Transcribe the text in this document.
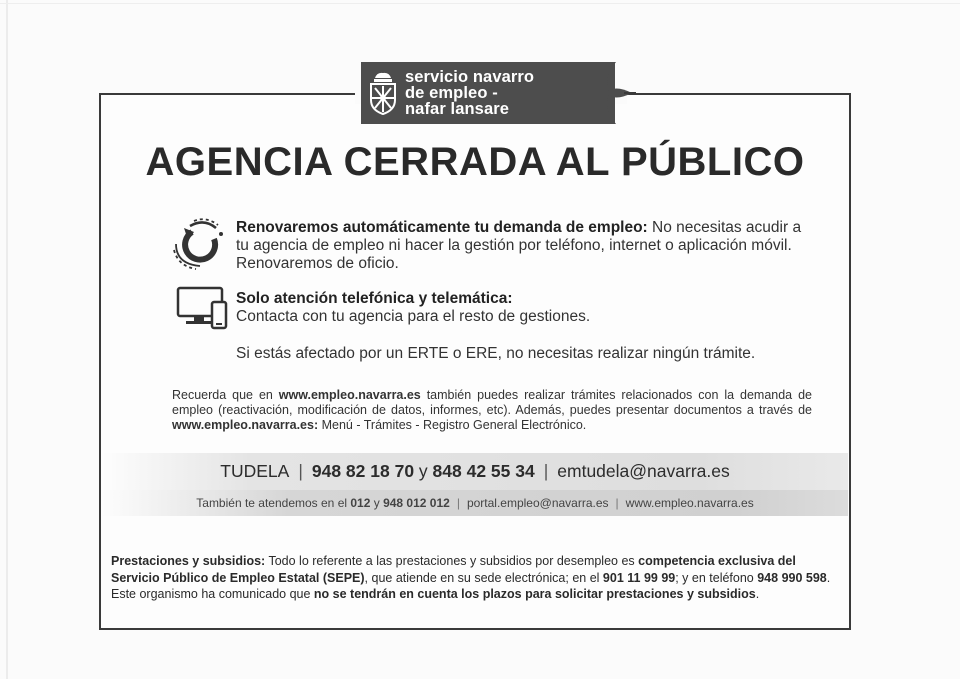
servicio navarro
de empleo -
nafar lansare
AGENCIA CERRADA AL PÚBLICO
Renovaremos automáticamente tu demanda de empleo: No necesitas acudir a
tu agencia de empleo ni hacer la gestión por teléfono, internet o aplicación móvil.
Renovaremos de oficio.
Solo atención telefónica y telemática:
Contacta con tu agencia para el resto de gestiones.
Si estás afectado por un ERTE o ERE, no necesitas realizar ningún trámite.
Recuerda que en www.empleo.navarra.es también puedes realizar trámites relacionados con la demanda de empleo (reactivación, modificación de datos, informes, etc). Además, puedes presentar documentos a través de www.empleo.navarra.es: Menú - Trámites - Registro General Electrónico.
TUDELA | 948 82 18 70 y 848 42 55 34 | emtudela@navarra.es
También te atendemos en el 012 y 948 012 012 | portal.empleo@navarra.es | www.empleo.navarra.es
Prestaciones y subsidios: Todo lo referente a las prestaciones y subsidios por desempleo es competencia exclusiva del Servicio Público de Empleo Estatal (SEPE), que atiende en su sede electrónica; en el 901 11 99 99; y en teléfono 948 990 598. Este organismo ha comunicado que no se tendrán en cuenta los plazos para solicitar prestaciones y subsidios.
